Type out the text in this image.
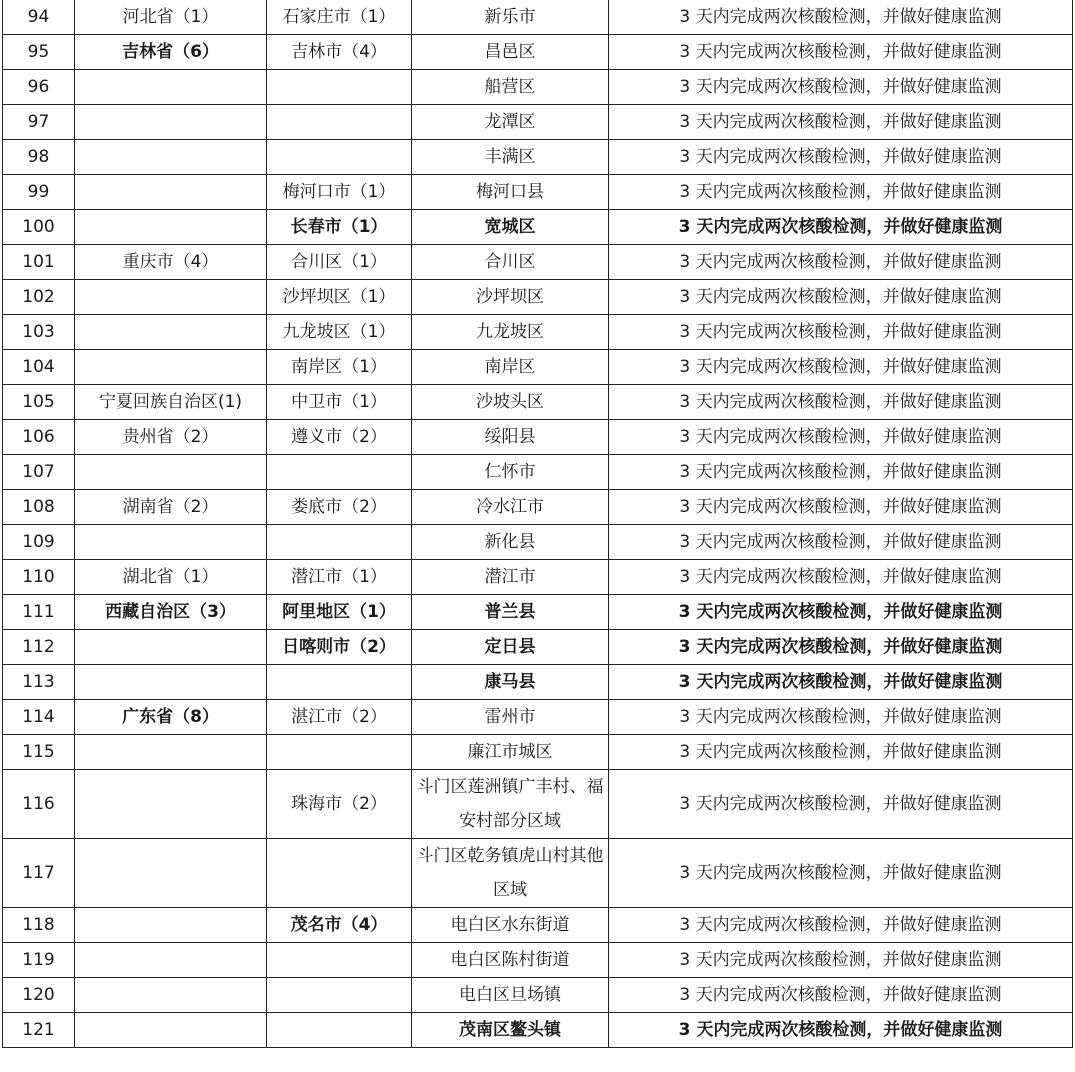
94	河北省（1）	石家庄市（1）	新乐市	3 天内完成两次核酸检测，并做好健康监测
95	吉林省（6）	吉林市（4）	昌邑区	3 天内完成两次核酸检测，并做好健康监测
96			船营区	3 天内完成两次核酸检测，并做好健康监测
97			龙潭区	3 天内完成两次核酸检测，并做好健康监测
98			丰满区	3 天内完成两次核酸检测，并做好健康监测
99		梅河口市（1）	梅河口县	3 天内完成两次核酸检测，并做好健康监测
100		长春市（1）	宽城区	3 天内完成两次核酸检测，并做好健康监测
101	重庆市（4）	合川区（1）	合川区	3 天内完成两次核酸检测，并做好健康监测
102		沙坪坝区（1）	沙坪坝区	3 天内完成两次核酸检测，并做好健康监测
103		九龙坡区（1）	九龙坡区	3 天内完成两次核酸检测，并做好健康监测
104		南岸区（1）	南岸区	3 天内完成两次核酸检测，并做好健康监测
105	宁夏回族自治区(1)	中卫市（1）	沙坡头区	3 天内完成两次核酸检测，并做好健康监测
106	贵州省（2）	遵义市（2）	绥阳县	3 天内完成两次核酸检测，并做好健康监测
107			仁怀市	3 天内完成两次核酸检测，并做好健康监测
108	湖南省（2）	娄底市（2）	冷水江市	3 天内完成两次核酸检测，并做好健康监测
109			新化县	3 天内完成两次核酸检测，并做好健康监测
110	湖北省（1）	潜江市（1）	潜江市	3 天内完成两次核酸检测，并做好健康监测
111	西藏自治区（3）	阿里地区（1）	普兰县	3 天内完成两次核酸检测，并做好健康监测
112		日喀则市（2）	定日县	3 天内完成两次核酸检测，并做好健康监测
113			康马县	3 天内完成两次核酸检测，并做好健康监测
114	广东省（8）	湛江市（2）	雷州市	3 天内完成两次核酸检测，并做好健康监测
115			廉江市城区	3 天内完成两次核酸检测，并做好健康监测
116		珠海市（2）	斗门区莲洲镇广丰村、福安村部分区域	3 天内完成两次核酸检测，并做好健康监测
117			斗门区乾务镇虎山村其他区域	3 天内完成两次核酸检测，并做好健康监测
118		茂名市（4）	电白区水东街道	3 天内完成两次核酸检测，并做好健康监测
119			电白区陈村街道	3 天内完成两次核酸检测，并做好健康监测
120			电白区旦场镇	3 天内完成两次核酸检测，并做好健康监测
121			茂南区鳌头镇	3 天内完成两次核酸检测，并做好健康监测
